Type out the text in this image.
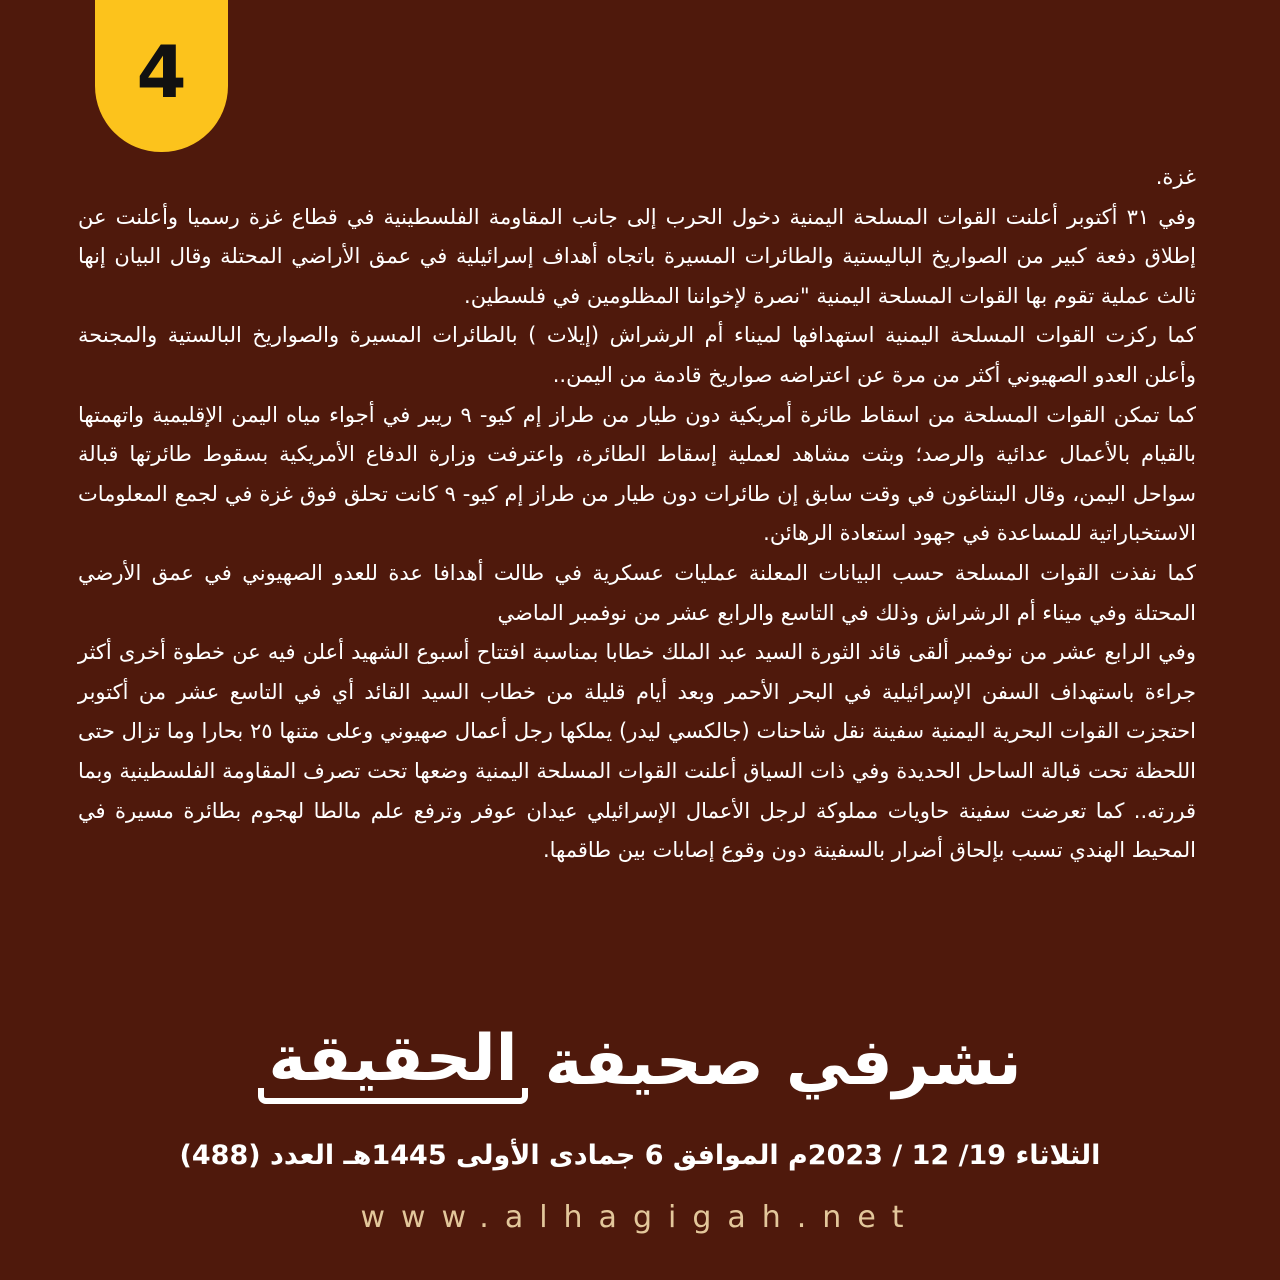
4

غزة.

وفي ٣١ أكتوبر أعلنت القوات المسلحة اليمنية دخول الحرب إلى جانب المقاومة الفلسطينية في قطاع غزة رسميا وأعلنت عن إطلاق دفعة كبير من الصواريخ الباليستية والطائرات المسيرة باتجاه أهداف إسرائيلية في عمق الأراضي المحتلة وقال البيان إنها ثالث عملية تقوم بها القوات المسلحة اليمنية "نصرة لإخواننا المظلومين في فلسطين.

كما ركزت القوات المسلحة اليمنية استهدافها لميناء أم الرشراش (إيلات ) بالطائرات المسيرة والصواريخ البالستية والمجنحة وأعلن العدو الصهيوني أكثر من مرة عن اعتراضه صواريخ قادمة من اليمن..

كما تمكن القوات المسلحة من اسقاط طائرة أمريكية دون طيار من طراز إم كيو- ٩ ريبر في أجواء مياه اليمن الإقليمية واتهمتها بالقيام بالأعمال عدائية والرصد؛ وبثت مشاهد لعملية إسقاط الطائرة، واعترفت وزارة الدفاع الأمريكية بسقوط طائرتها قبالة سواحل اليمن، وقال البنتاغون في وقت سابق إن طائرات دون طيار من طراز إم كيو- ٩ كانت تحلق فوق غزة في لجمع المعلومات الاستخباراتية للمساعدة في جهود استعادة الرهائن.

كما نفذت القوات المسلحة حسب البيانات المعلنة عمليات عسكرية في طالت أهدافا عدة للعدو الصهيوني في عمق الأرضي المحتلة وفي ميناء أم الرشراش وذلك في التاسع والرابع عشر من نوفمبر الماضي

وفي الرابع عشر من نوفمبر ألقى قائد الثورة السيد عبد الملك خطابا بمناسبة افتتاح أسبوع الشهيد أعلن فيه عن خطوة أخرى أكثر جراءة باستهداف السفن الإسرائيلية في البحر الأحمر وبعد أيام قليلة من خطاب السيد القائد أي في التاسع عشر من أكتوبر احتجزت القوات البحرية اليمنية سفينة نقل شاحنات (جالكسي ليدر) يملكها رجل أعمال صهيوني وعلى متنها ٢٥ بحارا وما تزال حتى اللحظة تحت قبالة الساحل الحديدة وفي ذات السياق أعلنت القوات المسلحة اليمنية وضعها تحت تصرف المقاومة الفلسطينية وبما قررته.. كما تعرضت سفينة حاويات مملوكة لرجل الأعمال الإسرائيلي عيدان عوفر وترفع علم مالطا لهجوم بطائرة مسيرة في المحيط الهندي تسبب بإلحاق أضرار بالسفينة دون وقوع إصابات بين طاقمها.

نشرفي صحيفة الحقيقة
الثلاثاء 19/ 12 / 2023م الموافق 6 جمادى الأولى 1445هـ العدد (488)
www.alhagigah.net
